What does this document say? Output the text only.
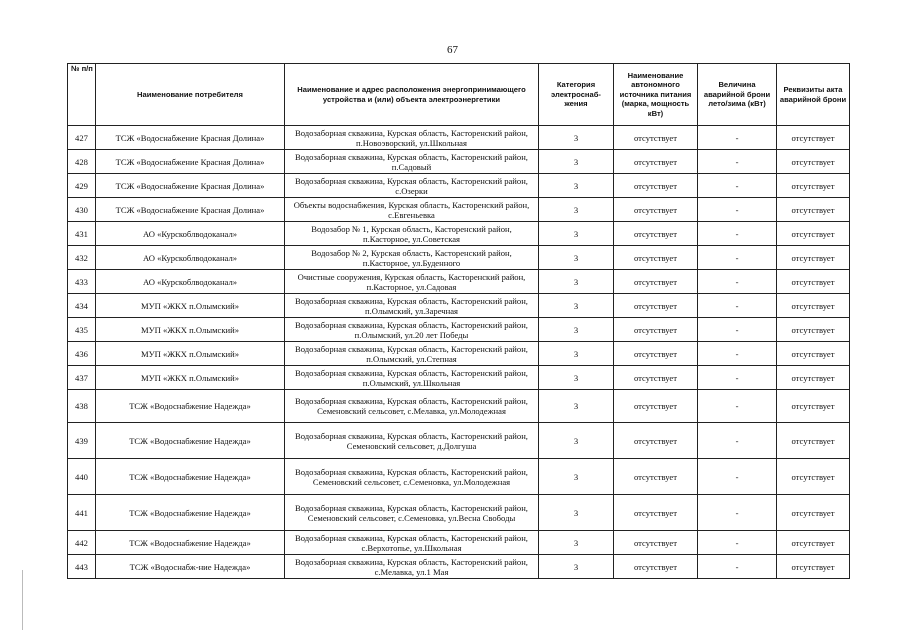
67
№ п/п	Наименование потребителя	Наименование и адрес расположения энергопринимающего устройства и (или) объекта электроэнергетики	Категория электроснаб-жения	Наименование автономного источника питания (марка, мощность кВт)	Величина аварийной брони лето/зима (кВт)	Реквизиты акта аварийной брони
427	ТСЖ «Водоснабжение Красная Долина»	Водозаборная скважина, Курская область, Касторенский район, п.Новоэворский, ул.Школьная	3	отсутствует	-	отсутствует
428	ТСЖ «Водоснабжение Красная Долина»	Водозаборная скважина, Курская область, Касторенский район, п.Садовый	3	отсутствует	-	отсутствует
429	ТСЖ «Водоснабжение Красная Долина»	Водозаборная скважина, Курская область, Касторенский район, с.Озерки	3	отсутствует	-	отсутствует
430	ТСЖ «Водоснабжение Красная Долина»	Объекты водоснабжения, Курская область, Касторенский район, с.Евгеньевка	3	отсутствует	-	отсутствует
431	АО «Курскоблводоканал»	Водозабор № 1, Курская область, Касторенский район, п.Касторное, ул.Советская	3	отсутствует	-	отсутствует
432	АО «Курскоблводоканал»	Водозабор № 2, Курская область, Касторенский район, п.Касторное, ул.Буденного	3	отсутствует	-	отсутствует
433	АО «Курскоблводоканал»	Очистные сооружения, Курская область, Касторенский район, п.Касторное, ул.Садовая	3	отсутствует	-	отсутствует
434	МУП «ЖКХ п.Олымский»	Водозаборная скважина, Курская область, Касторенский район, п.Олымский, ул.Заречная	3	отсутствует	-	отсутствует
435	МУП «ЖКХ п.Олымский»	Водозаборная скважина, Курская область, Касторенский район, п.Олымский, ул.20 лет Победы	3	отсутствует	-	отсутствует
436	МУП «ЖКХ п.Олымский»	Водозаборная скважина, Курская область, Касторенский район, п.Олымский, ул.Степная	3	отсутствует	-	отсутствует
437	МУП «ЖКХ п.Олымский»	Водозаборная скважина, Курская область, Касторенский район, п.Олымский, ул.Школьная	3	отсутствует	-	отсутствует
438	ТСЖ «Водоснабжение Надежда»	Водозаборная скважина, Курская область, Касторенский район, Семеновский сельсовет, с.Мелавка, ул.Молодежная	3	отсутствует	-	отсутствует
439	ТСЖ «Водоснабжение Надежда»	Водозаборная скважина, Курская область, Касторенский район, Семеновский сельсовет, д.Долгуша	3	отсутствует	-	отсутствует
440	ТСЖ «Водоснабжение Надежда»	Водозаборная скважина, Курская область, Касторенский район, Семеновский сельсовет, с.Семеновка, ул.Молодежная	3	отсутствует	-	отсутствует
441	ТСЖ «Водоснабжение Надежда»	Водозаборная скважина, Курская область, Касторенский район, Семеновский сельсовет, с.Семеновка, ул.Весна Свободы	3	отсутствует	-	отсутствует
442	ТСЖ «Водоснабжение Надежда»	Водозаборная скважина, Курская область, Касторенский район, с.Верхотопье, ул.Школьная	3	отсутствует	-	отсутствует
443	ТСЖ «Водоснабж-ние Надежда»	Водозаборная скважина, Курская область, Касторенский район, с.Мелавка, ул.1 Мая	3	отсутствует	-	отсутствует
